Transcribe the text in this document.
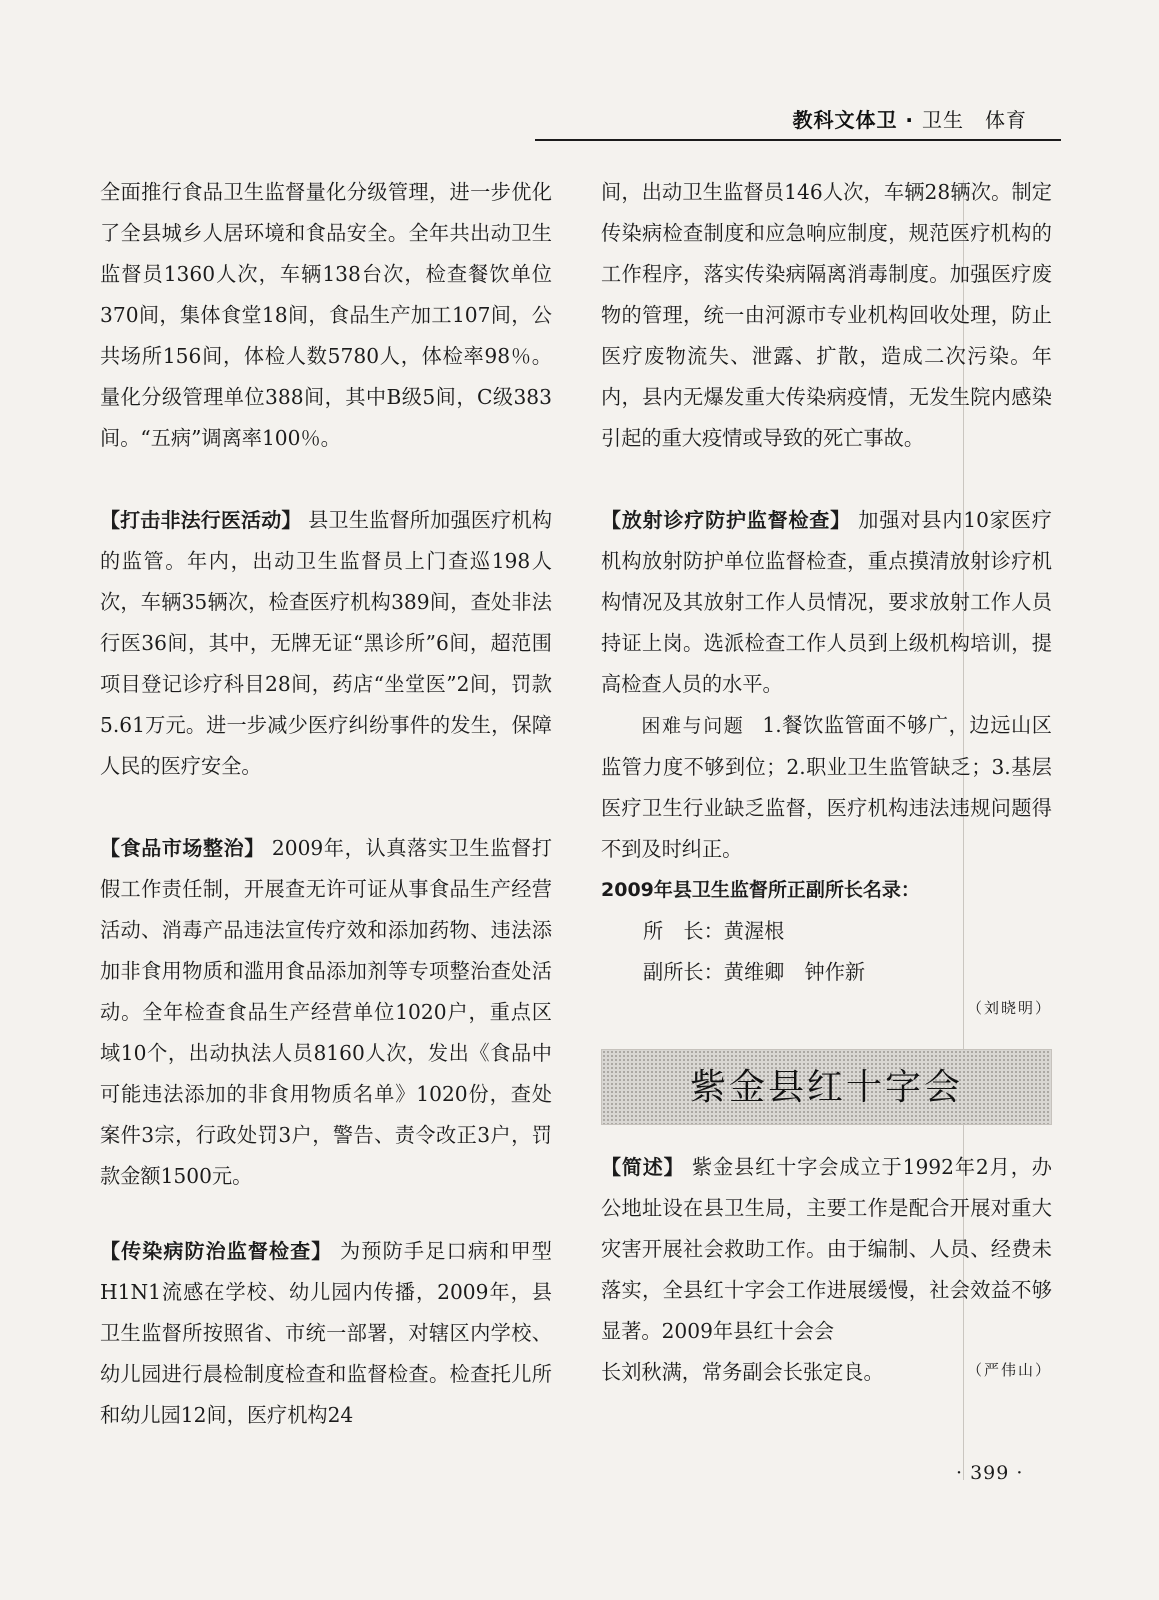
教科文体卫 · 卫生　体育

全面推行食品卫生监督量化分级管理，进一步优化了全县城乡人居环境和食品安全。全年共出动卫生监督员1360人次，车辆138台次，检查餐饮单位370间，集体食堂18间，食品生产加工107间，公共场所156间，体检人数5780人，体检率98％。量化分级管理单位388间，其中B级5间，C级383间。“五病”调离率100％。

【打击非法行医活动】 县卫生监督所加强医疗机构的监管。年内，出动卫生监督员上门查巡198人次，车辆35辆次，检查医疗机构389间，查处非法行医36间，其中，无牌无证“黑诊所”6间，超范围项目登记诊疗科目28间，药店“坐堂医”2间，罚款5.61万元。进一步减少医疗纠纷事件的发生，保障人民的医疗安全。

【食品市场整治】 2009年，认真落实卫生监督打假工作责任制，开展查无许可证从事食品生产经营活动、消毒产品违法宣传疗效和添加药物、违法添加非食用物质和滥用食品添加剂等专项整治查处活动。全年检查食品生产经营单位1020户，重点区域10个，出动执法人员8160人次，发出《食品中可能违法添加的非食用物质名单》1020份，查处案件3宗，行政处罚3户，警告、责令改正3户，罚款金额1500元。

【传染病防治监督检查】 为预防手足口病和甲型H1N1流感在学校、幼儿园内传播，2009年，县卫生监督所按照省、市统一部署，对辖区内学校、幼儿园进行晨检制度检查和监督检查。检查托儿所和幼儿园12间，医疗机构24

间，出动卫生监督员146人次，车辆28辆次。制定传染病检查制度和应急响应制度，规范医疗机构的工作程序，落实传染病隔离消毒制度。加强医疗废物的管理，统一由河源市专业机构回收处理，防止医疗废物流失、泄露、扩散，造成二次污染。年内，县内无爆发重大传染病疫情，无发生院内感染引起的重大疫情或导致的死亡事故。

【放射诊疗防护监督检查】 加强对县内10家医疗机构放射防护单位监督检查，重点摸清放射诊疗机构情况及其放射工作人员情况，要求放射工作人员持证上岗。选派检查工作人员到上级机构培训，提高检查人员的水平。

困难与问题 1.餐饮监管面不够广，边远山区监管力度不够到位；2.职业卫生监管缺乏；3.基层医疗卫生行业缺乏监督，医疗机构违法违规问题得不到及时纠正。

2009年县卫生监督所正副所长名录：

所　长：黄渥根

副所长：黄维卿　钟作新

（刘晓明）

紫金县红十字会

【简述】 紫金县红十字会成立于1992年2月，办公地址设在县卫生局，主要工作是配合开展对重大灾害开展社会救助工作。由于编制、人员、经费未落实，全县红十字会工作进展缓慢，社会效益不够显著。2009年县红十会会

长刘秋满，常务副会长张定良。	（严伟山）

· 399 ·
